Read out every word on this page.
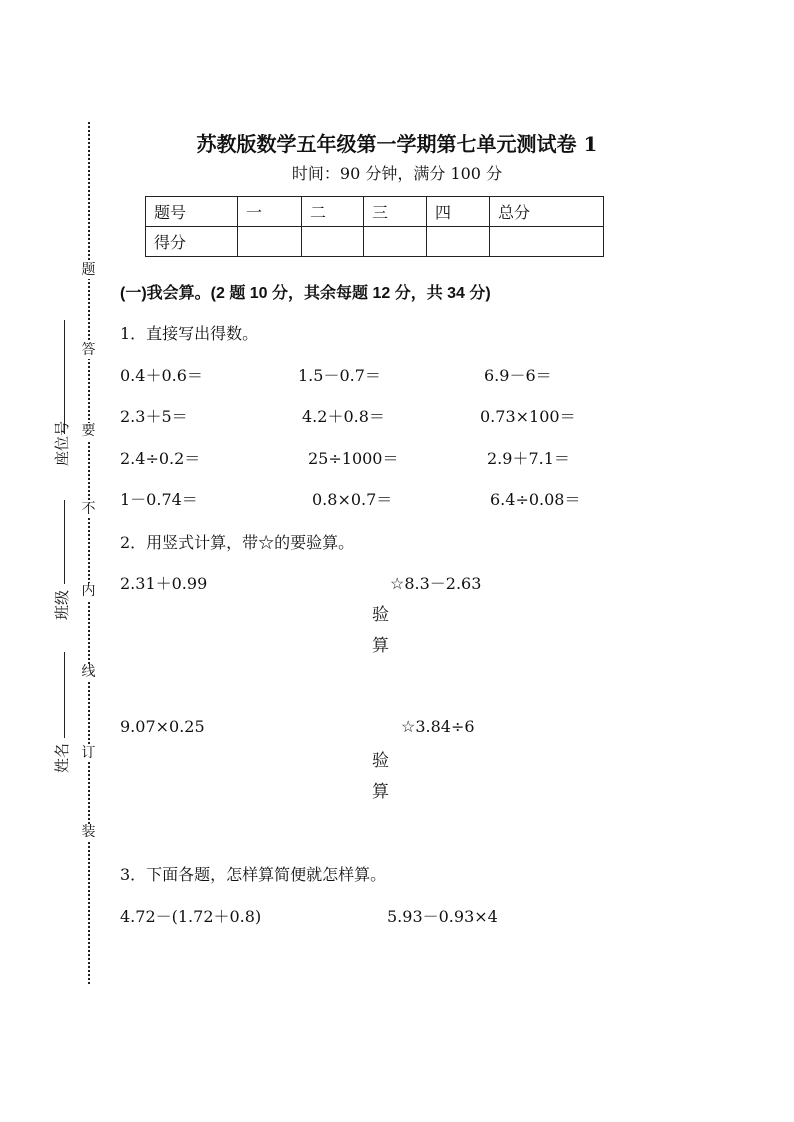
题
答
要
不
内
线
订
装
座位号
班级
姓名
苏教版数学五年级第一学期第七单元测试卷 1
时间：90 分钟，满分 100 分
题号	一	二	三	四	总分
得分					
(一)我会算。(2 题 10 分，其余每题 12 分，共 34 分)
1．直接写出得数。
0.4＋0.6＝	1.5－0.7＝	6.9－6＝
2.3＋5＝	4.2＋0.8＝	0.73×100＝
2.4÷0.2＝	25÷1000＝	2.9＋7.1＝
1－0.74＝	0.8×0.7＝	6.4÷0.08＝
2．用竖式计算，带☆的要验算。
2.31＋0.99	☆8.3－2.63
验算
9.07×0.25	☆3.84÷6
验算
3．下面各题，怎样算简便就怎样算。
4.72－(1.72＋0.8)	5.93－0.93×4
